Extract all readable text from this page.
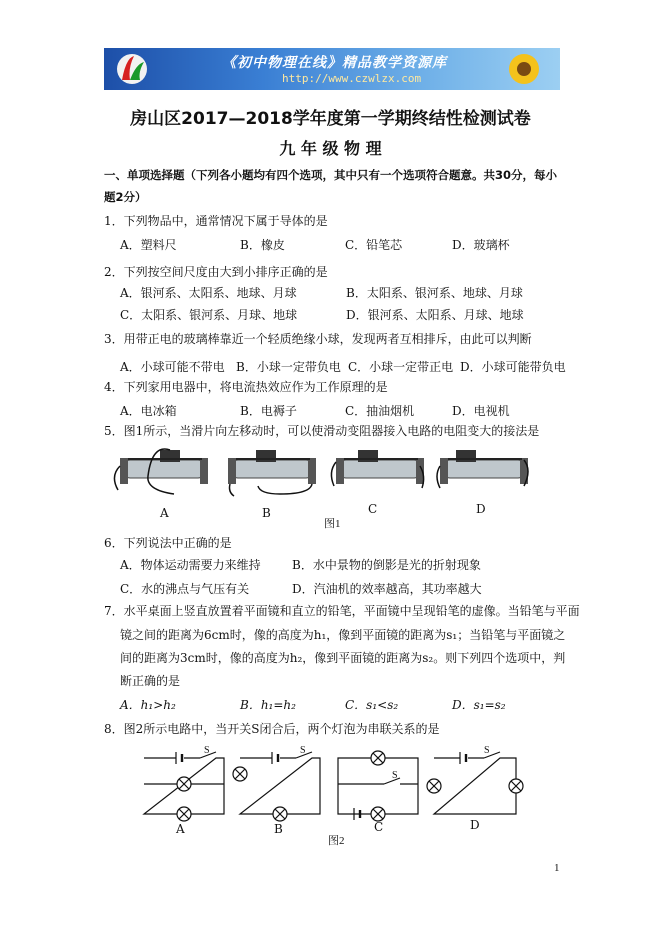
《初中物理在线》精品教学资源库
http://www.czwlzx.com
房山区2017—2018学年度第一学期终结性检测试卷
九 年 级 物 理
一、单项选择题（下列各小题均有四个选项，其中只有一个选项符合题意。共30分，每小
题2分）
1．下列物品中，通常情况下属于导体的是
A．塑料尺	B．橡皮	C．铅笔芯	D．玻璃杯
2．下列按空间尺度由大到小排序正确的是
A．银河系、太阳系、地球、月球	B．太阳系、银河系、地球、月球
C．太阳系、银河系、月球、地球	D．银河系、太阳系、月球、地球
3．用带正电的玻璃棒靠近一个轻质绝缘小球，发现两者互相排斥，由此可以判断
A．小球可能不带电 B．小球一定带负电 C．小球一定带正电 D．小球可能带负电
4．下列家用电器中，将电流热效应作为工作原理的是
A．电冰箱	B．电褥子	C．抽油烟机	D．电视机
5．图1所示，当滑片向左移动时，可以使滑动变阻器接入电路的电阻变大的接法是
A	B	C	D
图1
6．下列说法中正确的是
A．物体运动需要力来维持	B．水中景物的倒影是光的折射现象
C．水的沸点与气压有关	D．汽油机的效率越高，其功率越大
7．水平桌面上竖直放置着平面镜和直立的铅笔，平面镜中呈现铅笔的虚像。当铅笔与平面
镜之间的距离为6cm时，像的高度为h₁，像到平面镜的距离为s₁；当铅笔与平面镜之
间的距离为3cm时，像的高度为h₂，像到平面镜的距离为s₂。则下列四个选项中，判
断正确的是
A．h₁>h₂	B．h₁=h₂	C．s₁<s₂	D．s₁=s₂
8．图2所示电路中，当开关S闭合后，两个灯泡为串联关系的是
S	S
S
S
A	B	C	D
图2
1
